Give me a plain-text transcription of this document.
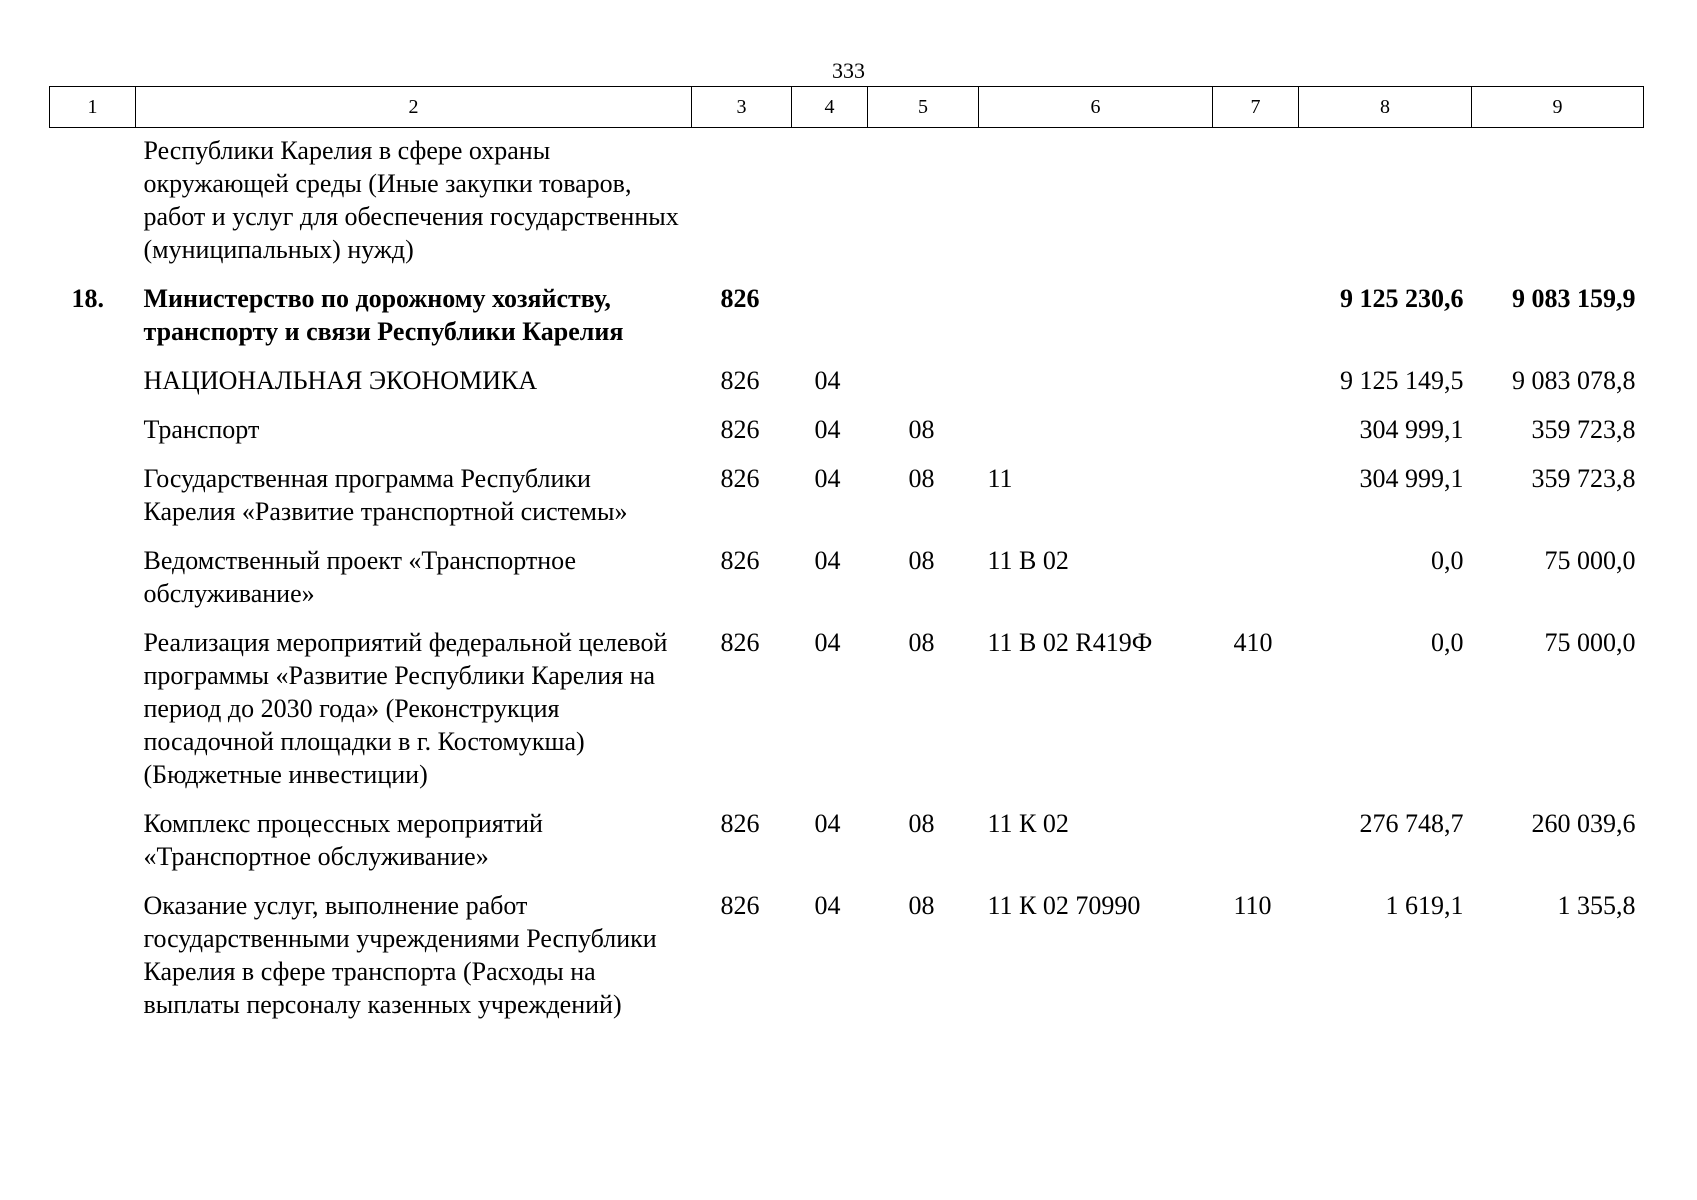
333
1	2	3	4	5	6	7	8	9
	Республики Карелия в сфере охраны окружающей среды (Иные закупки товаров, работ и услуг для обеспечения государственных (муниципальных) нужд)							
18.	Министерство по дорожному хозяйству, транспорту и связи Республики Карелия	826					9 125 230,6	9 083 159,9
	НАЦИОНАЛЬНАЯ ЭКОНОМИКА	826	04				9 125 149,5	9 083 078,8
	Транспорт	826	04	08			304 999,1	359 723,8
	Государственная программа Республики Карелия «Развитие транспортной системы»	826	04	08	11		304 999,1	359 723,8
	Ведомственный проект «Транспортное обслуживание»	826	04	08	11 В 02		0,0	75 000,0
	Реализация мероприятий федеральной целевой программы «Развитие Республики Карелия на период до 2030 года» (Реконструкция посадочной площадки в г. Костомукша) (Бюджетные инвестиции)	826	04	08	11 В 02 R419Ф	410	0,0	75 000,0
	Комплекс процессных мероприятий «Транспортное обслуживание»	826	04	08	11 К 02		276 748,7	260 039,6
	Оказание услуг, выполнение работ государственными учреждениями Республики Карелия в сфере транспорта (Расходы на выплаты персоналу казенных учреждений)	826	04	08	11 К 02 70990	110	1 619,1	1 355,8
